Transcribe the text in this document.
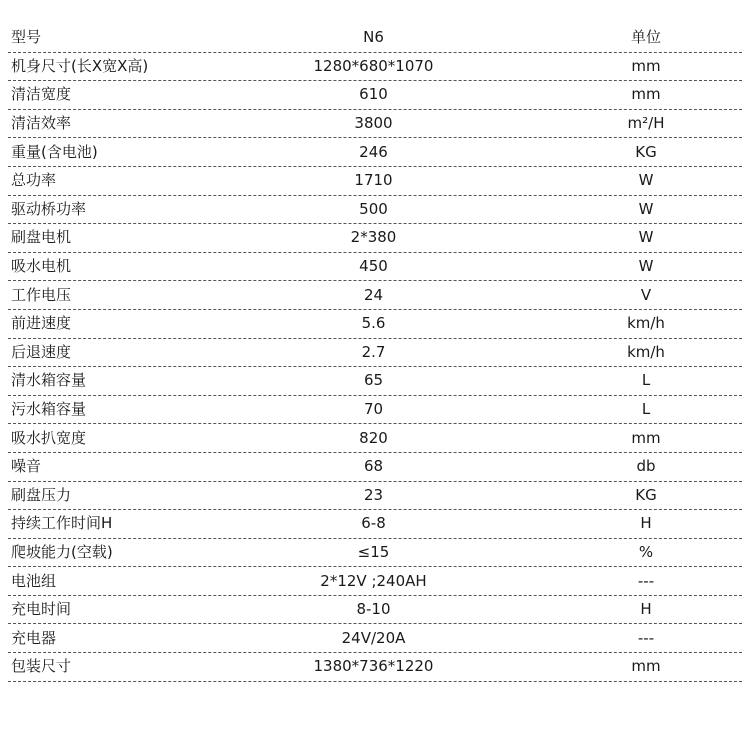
型号	N6	单位
机身尺寸(长X宽X高)	1280*680*1070	mm
清洁宽度	610	mm
清洁效率	3800	m²/H
重量(含电池)	246	KG
总功率	1710	W
驱动桥功率	500	W
刷盘电机	2*380	W
吸水电机	450	W
工作电压	24	V
前进速度	5.6	km/h
后退速度	2.7	km/h
清水箱容量	65	L
污水箱容量	70	L
吸水扒宽度	820	mm
噪音	68	db
刷盘压力	23	KG
持续工作时间H	6-8	H
爬坡能力(空载)	≤15	%
电池组	2*12V ;240AH	---
充电时间	8-10	H
充电器	24V/20A	---
包装尺寸	1380*736*1220	mm
